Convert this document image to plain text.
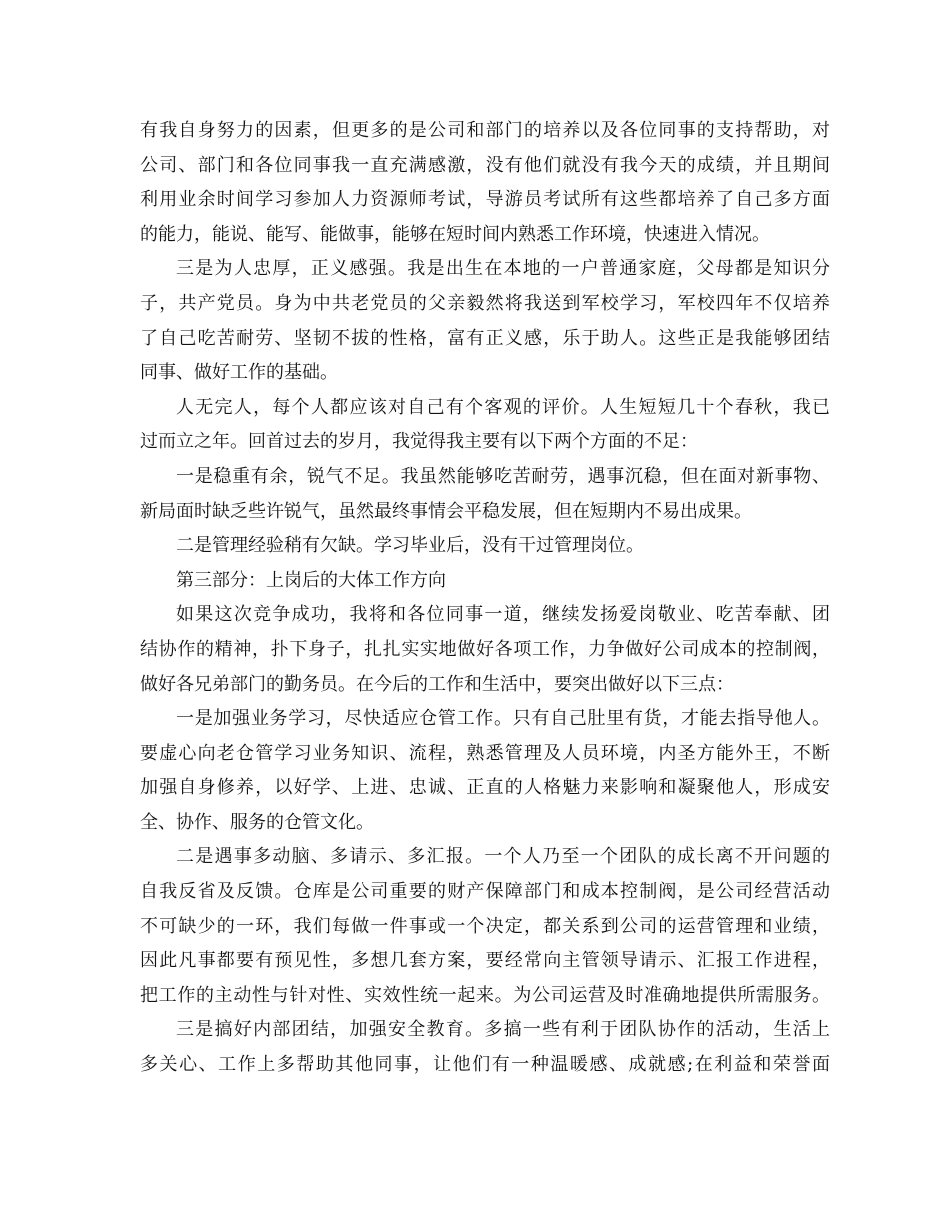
有我自身努力的因素，但更多的是公司和部门的培养以及各位同事的支持帮助，对
公司、部门和各位同事我一直充满感激，没有他们就没有我今天的成绩，并且期间
利用业余时间学习参加人力资源师考试，导游员考试所有这些都培养了自己多方面
的能力，能说、能写、能做事，能够在短时间内熟悉工作环境，快速进入情况。
三是为人忠厚，正义感强。我是出生在本地的一户普通家庭，父母都是知识分
子，共产党员。身为中共老党员的父亲毅然将我送到军校学习，军校四年不仅培养
了自己吃苦耐劳、坚韧不拔的性格，富有正义感，乐于助人。这些正是我能够团结
同事、做好工作的基础。
人无完人，每个人都应该对自己有个客观的评价。人生短短几十个春秋，我已
过而立之年。回首过去的岁月，我觉得我主要有以下两个方面的不足：
一是稳重有余，锐气不足。我虽然能够吃苦耐劳，遇事沉稳，但在面对新事物、
新局面时缺乏些许锐气，虽然最终事情会平稳发展，但在短期内不易出成果。
二是管理经验稍有欠缺。学习毕业后，没有干过管理岗位。
第三部分：上岗后的大体工作方向
如果这次竞争成功，我将和各位同事一道，继续发扬爱岗敬业、吃苦奉献、团
结协作的精神，扑下身子，扎扎实实地做好各项工作，力争做好公司成本的控制阀，
做好各兄弟部门的勤务员。在今后的工作和生活中，要突出做好以下三点：
一是加强业务学习，尽快适应仓管工作。只有自己肚里有货，才能去指导他人。
要虚心向老仓管学习业务知识、流程，熟悉管理及人员环境，内圣方能外王，不断
加强自身修养，以好学、上进、忠诚、正直的人格魅力来影响和凝聚他人，形成安
全、协作、服务的仓管文化。
二是遇事多动脑、多请示、多汇报。一个人乃至一个团队的成长离不开问题的
自我反省及反馈。仓库是公司重要的财产保障部门和成本控制阀，是公司经营活动
不可缺少的一环，我们每做一件事或一个决定，都关系到公司的运营管理和业绩，
因此凡事都要有预见性，多想几套方案，要经常向主管领导请示、汇报工作进程，
把工作的主动性与针对性、实效性统一起来。为公司运营及时准确地提供所需服务。
三是搞好内部团结，加强安全教育。多搞一些有利于团队协作的活动，生活上
多关心、工作上多帮助其他同事，让他们有一种温暖感、成就感;在利益和荣誉面
